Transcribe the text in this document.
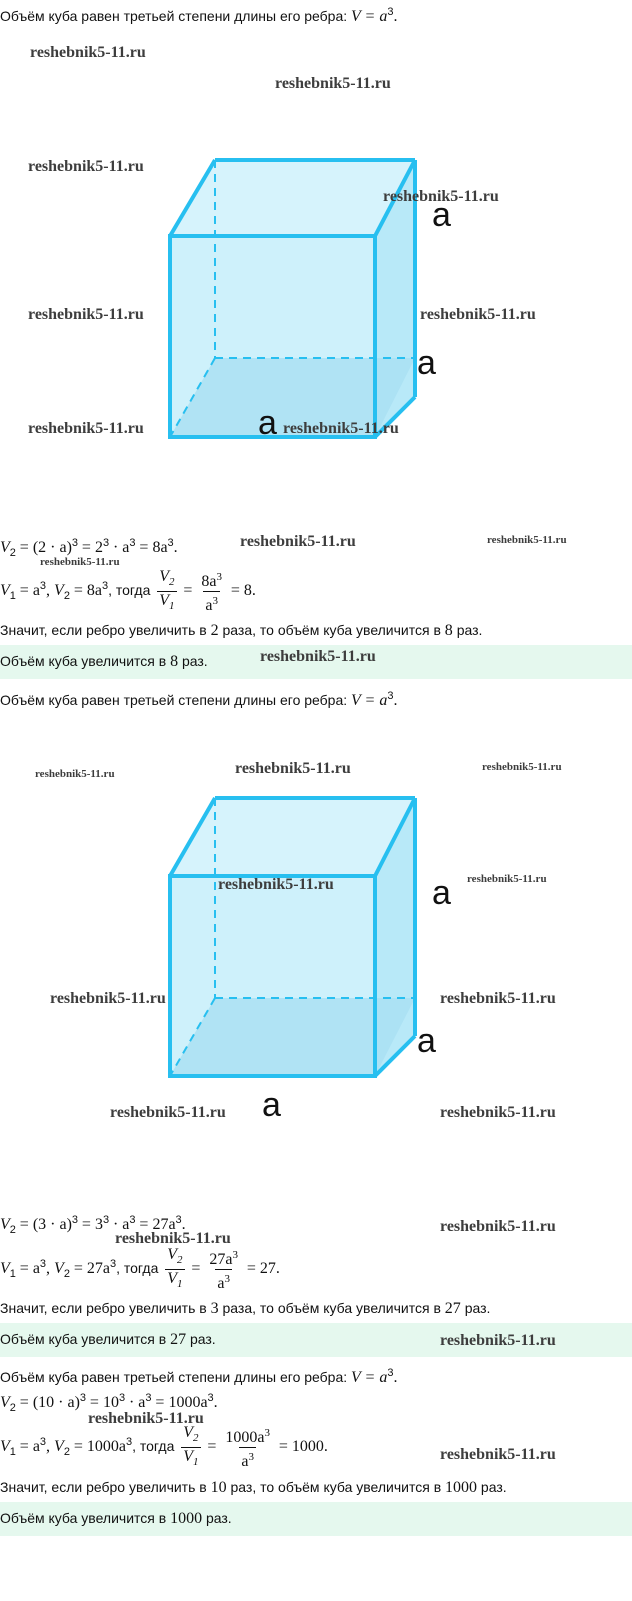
Объём куба равен третьей степени длины его ребра: $V = a^3$.
reshebnik5-11.ru
reshebnik5-11.ru
reshebnik5-11.ru
reshebnik5-11.ru
a
reshebnik5-11.ru	reshebnik5-11.ru
a
reshebnik5-11.ru	a reshebnik5-11.ru
$V_2 = (2 \cdot a)^3 = 2^3 \cdot a^3 = 8a^3$.	reshebnik5-11.ru	reshebnik5-11.ru
reshebnik5-11.ru
$V_1 = a^3$, $V_2 = 8a^3$, тогда $\frac{V_2}{V_1} = \frac{8a^3}{a^3} = 8$.
Значит, если ребро увеличить в 2 раза, то объём куба увеличится в 8 раз.
Объём куба увеличится в 8 раз.	reshebnik5-11.ru
Объём куба равен третьей степени длины его ребра: $V = a^3$.
reshebnik5-11.ru	reshebnik5-11.ru	reshebnik5-11.ru
reshebnik5-11.ru	a reshebnik5-11.ru
reshebnik5-11.ru	reshebnik5-11.ru
a
reshebnik5-11.ru a	reshebnik5-11.ru
$V_2 = (3 \cdot a)^3 = 3^3 \cdot a^3 = 27a^3$.	reshebnik5-11.ru
reshebnik5-11.ru
$V_1 = a^3$, $V_2 = 27a^3$, тогда $\frac{V_2}{V_1} = \frac{27a^3}{a^3} = 27$.
Значит, если ребро увеличить в 3 раза, то объём куба увеличится в 27 раз.
Объём куба увеличится в 27 раз.	reshebnik5-11.ru
Объём куба равен третьей степени длины его ребра: $V = a^3$.
$V_2 = (10 \cdot a)^3 = 10^3 \cdot a^3 = 1000a^3$.
reshebnik5-11.ru
$V_1 = a^3$, $V_2 = 1000a^3$, тогда $\frac{V_2}{V_1} = \frac{1000a^3}{a^3} = 1000$.	reshebnik5-11.ru
Значит, если ребро увеличить в 10 раз, то объём куба увеличится в 1000 раз.
Объём куба увеличится в 1000 раз.
